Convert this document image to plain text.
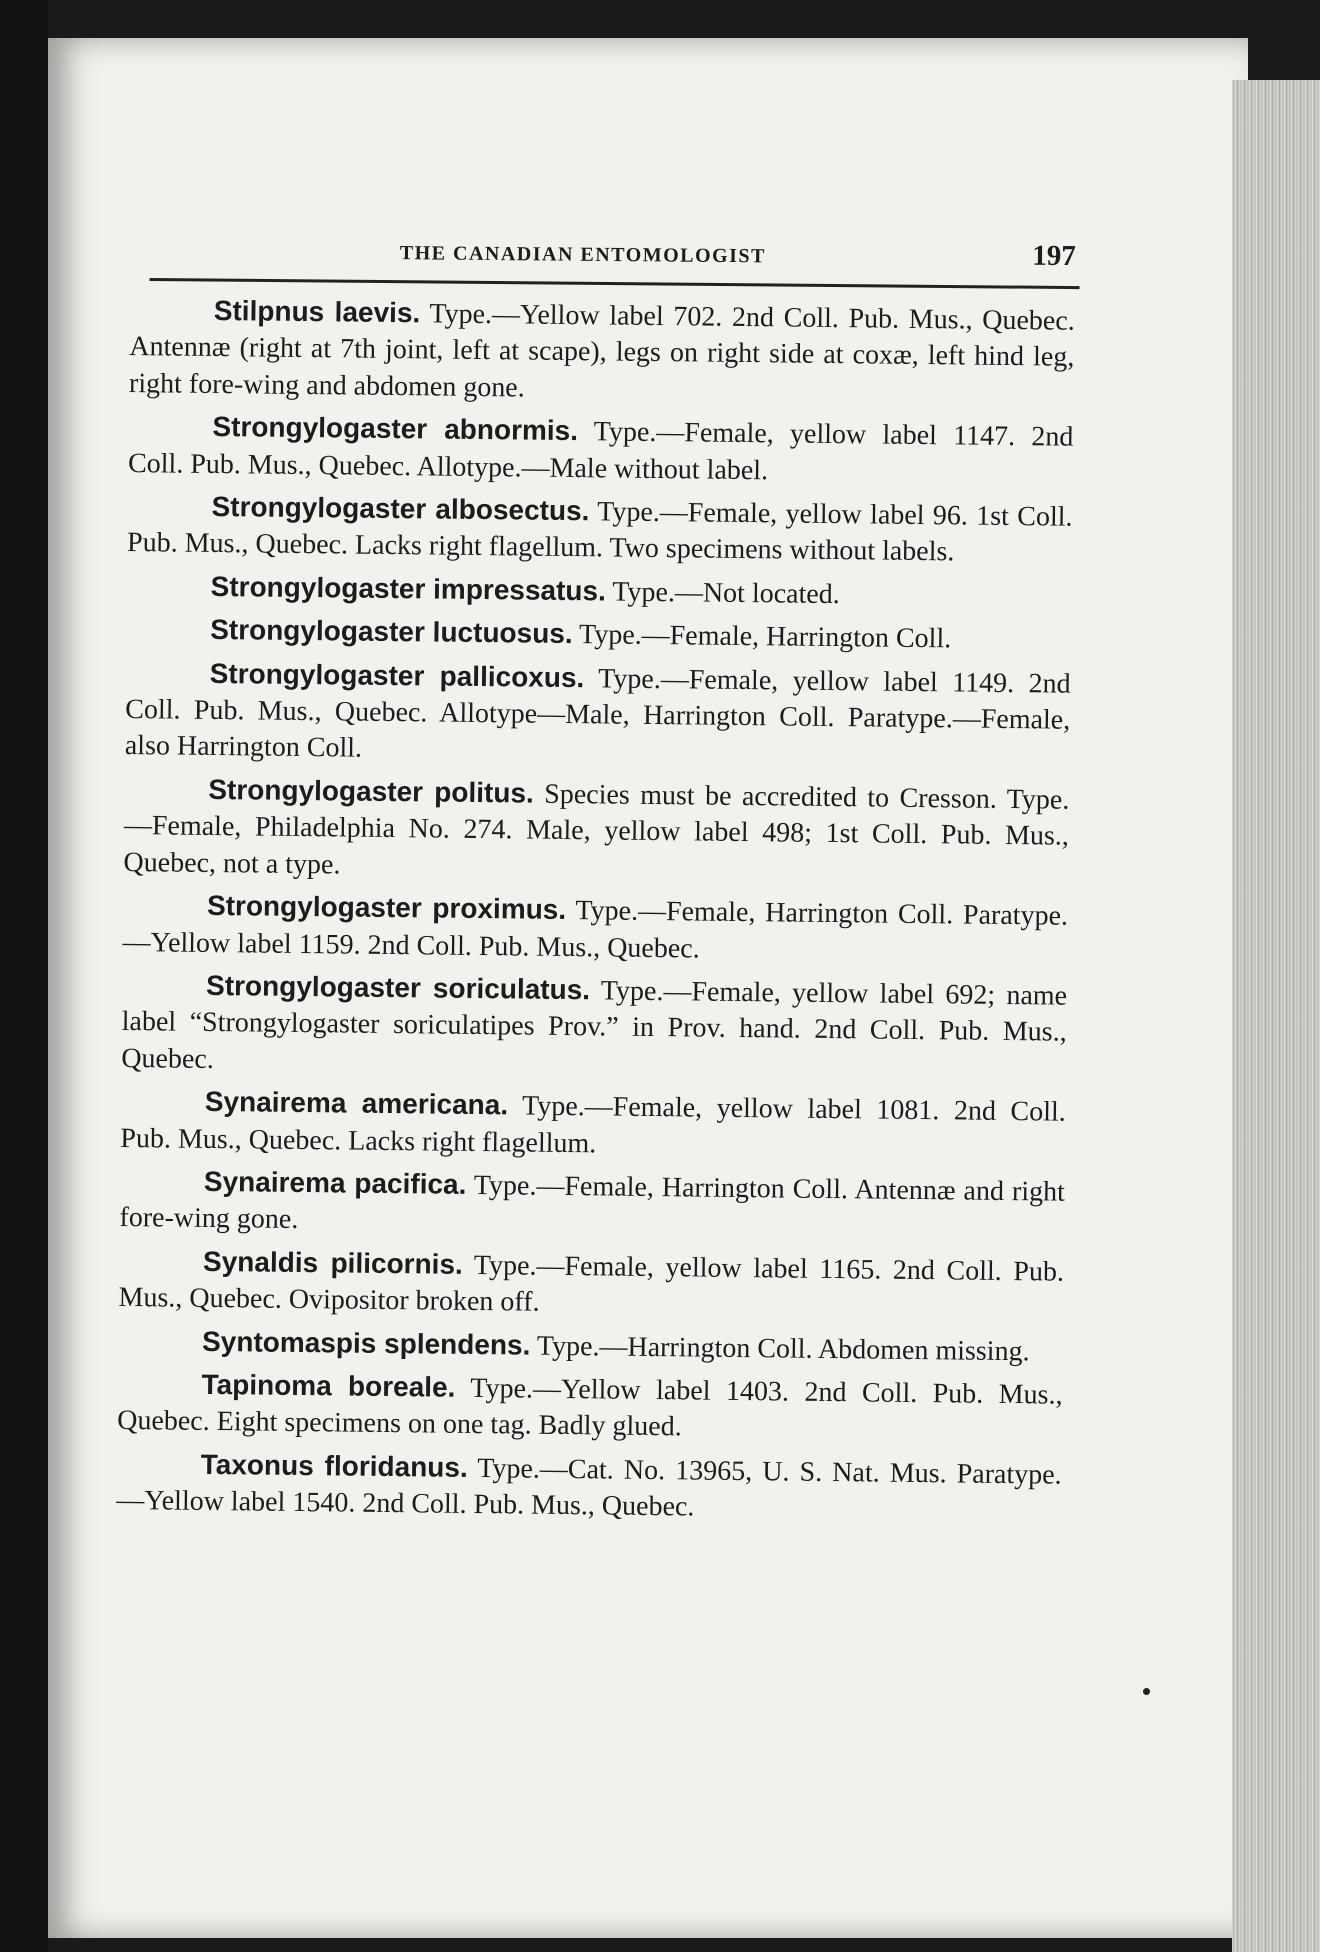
THE CANADIAN ENTOMOLOGIST	197

Stilpnus laevis. Type.—Yellow label 702. 2nd Coll. Pub. Mus., Quebec. Antennæ (right at 7th joint, left at scape), legs on right side at coxæ, left hind leg, right fore-wing and abdomen gone.

Strongylogaster abnormis. Type.—Female, yellow label 1147. 2nd Coll. Pub. Mus., Quebec. Allotype.—Male without label.

Strongylogaster albosectus. Type.—Female, yellow label 96. 1st Coll. Pub. Mus., Quebec. Lacks right flagellum. Two specimens without labels.

Strongylogaster impressatus. Type.—Not located.

Strongylogaster luctuosus. Type.—Female, Harrington Coll.

Strongylogaster pallicoxus. Type.—Female, yellow label 1149. 2nd Coll. Pub. Mus., Quebec. Allotype—Male, Harrington Coll. Paratype.—Female, also Harrington Coll.

Strongylogaster politus. Species must be accredited to Cresson. Type.—Female, Philadelphia No. 274. Male, yellow label 498; 1st Coll. Pub. Mus., Quebec, not a type.

Strongylogaster proximus. Type.—Female, Harrington Coll. Paratype.—Yellow label 1159. 2nd Coll. Pub. Mus., Quebec.

Strongylogaster soriculatus. Type.—Female, yellow label 692; name label “Strongylogaster soriculatipes Prov.” in Prov. hand. 2nd Coll. Pub. Mus., Quebec.

Synairema americana. Type.—Female, yellow label 1081. 2nd Coll. Pub. Mus., Quebec. Lacks right flagellum.

Synairema pacifica. Type.—Female, Harrington Coll. Antennæ and right fore-wing gone.

Synaldis pilicornis. Type.—Female, yellow label 1165. 2nd Coll. Pub. Mus., Quebec. Ovipositor broken off.

Syntomaspis splendens. Type.—Harrington Coll. Abdomen missing.

Tapinoma boreale. Type.—Yellow label 1403. 2nd Coll. Pub. Mus., Quebec. Eight specimens on one tag. Badly glued.

Taxonus floridanus. Type.—Cat. No. 13965, U. S. Nat. Mus. Paratype.—Yellow label 1540. 2nd Coll. Pub. Mus., Quebec.
